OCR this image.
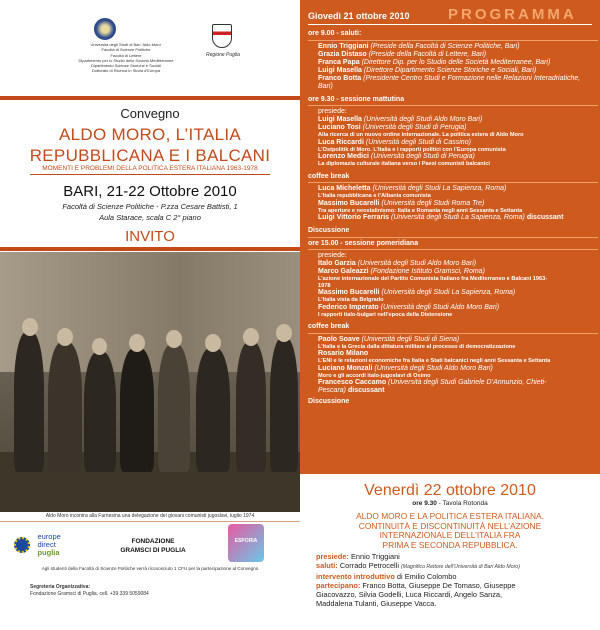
Università degli Studi di Bari 'Aldo Moro'
Facoltà di Scienze Politiche
Facoltà di Lettere
Dipartimento per lo Studio delle Società Mediterranee
Dipartimento Scienze Storiche e Sociali
Dottorato di Ricerca in Storia d'Europa
Regione Puglia
Convegno
ALDO MORO, L’ITALIA
REPUBBLICANA E I BALCANI
MOMENTI E PROBLEMI DELLA POLITICA ESTERA ITALIANA 1963-1978
BARI, 21-22 Ottobre 2010
Facoltà di Scienze Politiche - P.zza Cesare Battisti, 1
Aula Starace, scala C 2° piano
INVITO
Aldo Moro incontra alla Farnesina una delegazione dei giovani comunisti jugoslavi, luglio 1974
europe
direct
puglia
FONDAZIONE
GRAMSCI DI PUGLIA
ESPORIA
Agli studenti della Facoltà di Scienze Politiche verrà riconosciuto 1 CFU per la partecipazione al Convegno
Segreteria Organizzativa:
Fondazione Gramsci di Puglia, cell. +39 339 5059084
Giovedì 21 ottobre 2010	PROGRAMMA
ore 9.00 - saluti:
Ennio Triggiani (Preside della Facoltà di Scienze Politiche, Bari)
Grazia Distaso (Preside della Facoltà di Lettere, Bari)
Franca Papa (Direttore Dip. per lo Studio delle Società Mediterranee, Bari)
Luigi Masella (Direttore Dipartimento Scienze Storiche e Sociali, Bari)
Franco Botta (Presidente Centro Studi e Formazione nelle Relazioni Interadriatiche,
Bari)
ore 9.30 - sessione mattutina
presiede:
Luigi Masella (Università degli Studi Aldo Moro Bari)
Luciano Tosi (Università degli Studi di Perugia)
Alla ricerca di un nuovo ordine internazionale. La politica estera di Aldo Moro
Luca Riccardi (Università degli Studi di Cassino)
L’Ostpolitik di Moro. L’Italia e i rapporti politici con l’Europa comunista
Lorenzo Medici (Università degli Studi di Perugia)
La diplomazia culturale italiana verso i Paesi comunisti balcanici
coffee break
Luca Micheletta (Università degli Studi La Sapienza, Roma)
L’Italia repubblicana e l’Albania comunista
Massimo Bucarelli (Università degli Studi Roma Tre)
Tra aperture e neostalinismo: Italia e Romania negli anni Sessanta e Settanta
Luigi Vittorio Ferraris (Università degli Studi La Sapienza, Roma) discussant
Discussione
ore 15.00 - sessione pomeridiana
presiede:
Italo Garzia (Università degli Studi Aldo Moro Bari)
Marco Galeazzi (Fondazione Istituto Gramsci, Roma)
L’azione internazionale del Partito Comunista Italiano fra Mediterraneo e Balcani 1963-
1978
Massimo Bucarelli (Università degli Studi La Sapienza, Roma)
L’Italia vista da Belgrado
Federico Imperato (Università degli Studi Aldo Moro Bari)
I rapporti italo-bulgari nell’epoca della Distensione
coffee break
Paolo Soave (Università degli Studi di Siena)
L’Italia e la Grecia dalla dittatura militare al processo di democratizzazione
Rosario Milano
L’ENI e le relazioni economiche fra Italia e Stati balcanici negli anni Sessanta e Settanta
Luciano Monzali (Università degli Studi Aldo Moro Bari)
Moro e gli accordi italo-jugoslavi di Osimo
Francesco Caccamo (Università degli Studi Gabriele D’Annunzio, Chieti-
Pescara) discussant
Discussione
Venerdì 22 ottobre 2010
ore 9.30 - Tavola Rotonda
ALDO MORO E LA POLITICA ESTERA ITALIANA.
CONTINUITÀ E DISCONTINUITÀ NELL’AZIONE
INTERNAZIONALE DELL’ITALIA FRA
PRIMA E SECONDA REPUBBLICA.
presiede: Ennio Triggiani
saluti: Corrado Petrocelli (Magnifico Rettore dell’Università di Bari Aldo Moro)
intervento introduttivo di Emilio Colombo
partecipano: Franco Botta, Giuseppe De Tomaso, Giuseppe
Giacovazzo, Silvia Godelli, Luca Riccardi, Angelo Sanza,
Maddalena Tulanti, Giuseppe Vacca.
